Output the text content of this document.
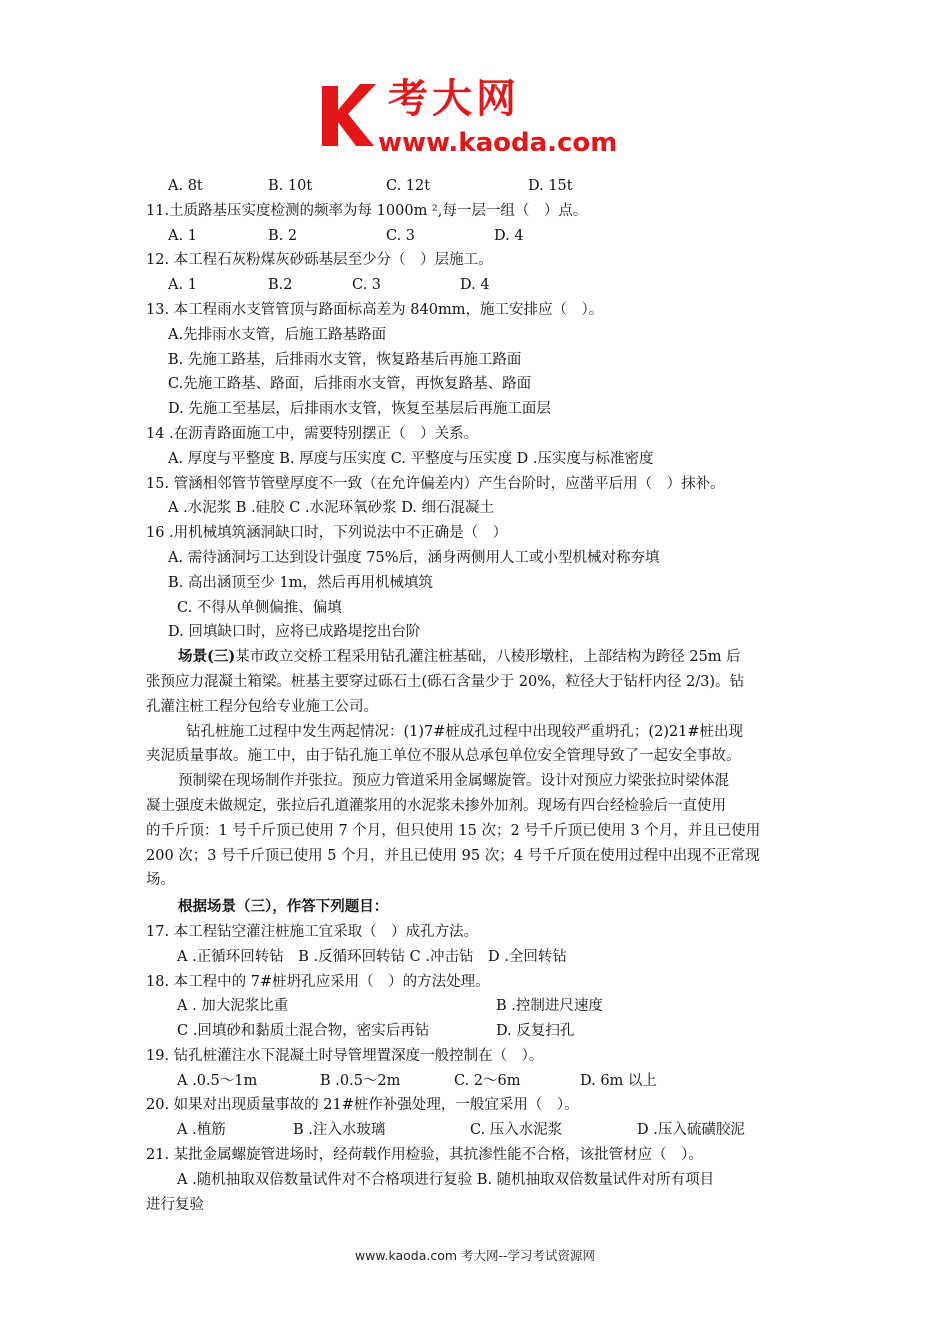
考大网
www.kaoda.com
A. 8t	B. 10t	C. 12t	D. 15t
11.土质路基压实度检测的频率为每 1000m ²,每一层一组（　）点。
A. 1	B. 2	C. 3	D. 4
12. 本工程石灰粉煤灰砂砾基层至少分（　）层施工。
A. 1	B.2	C. 3	D. 4
13. 本工程雨水支管管顶与路面标高差为 840mm，施工安排应（　）。
A.先排雨水支管，后施工路基路面
B. 先施工路基，后排雨水支管，恢复路基后再施工路面
C.先施工路基、路面，后排雨水支管，再恢复路基、路面
D. 先施工至基层，后排雨水支管，恢复至基层后再施工面层
14 .在沥青路面施工中，需要特别摆正（　）关系。
A. 厚度与平整度 B. 厚度与压实度 C. 平整度与压实度 D .压实度与标准密度
15. 管涵相邻管节管壁厚度不一致（在允许偏差内）产生台阶时，应凿平后用（　）抹补。
A .水泥浆 B .硅胶 C .水泥环氧砂浆 D. 细石混凝土
16 .用机械填筑涵洞缺口时，下列说法中不正确是（　）
A. 需待涵洞圬工达到设计强度 75%后，涵身两侧用人工或小型机械对称夯填
B. 高出涵顶至少 1m，然后再用机械填筑
C. 不得从单侧偏推、偏填
D. 回填缺口时，应将已成路堤挖出台阶
场景(三)某市政立交桥工程采用钻孔灌注桩基础，八棱形墩柱，上部结构为跨径 25m 后
张预应力混凝土箱梁。桩基主要穿过砾石土(砾石含量少于 20%，粒径大于钻杆内径 2/3)。钻
孔灌注桩工程分包给专业施工公司。
钻孔桩施工过程中发生两起情况：(1)7#桩成孔过程中出现较严重坍孔；(2)21#桩出现
夹泥质量事故。施工中，由于钻孔施工单位不服从总承包单位安全管理导致了一起安全事故。
预制梁在现场制作并张拉。预应力管道采用金属螺旋管。设计对预应力梁张拉时梁体混
凝土强度未做规定，张拉后孔道灌浆用的水泥浆未掺外加剂。现场有四台经检验后一直使用
的千斤顶：1 号千斤顶已使用 7 个月，但只使用 15 次；2 号千斤顶已使用 3 个月，并且已使用
200 次；3 号千斤顶已使用 5 个月，并且已使用 95 次；4 号千斤顶在使用过程中出现不正常现
场。
根据场景（三），作答下列题目：
17. 本工程钻空灌注桩施工宜采取（　）成孔方法。
A .正循环回转钻　B .反循环回转钻 C .冲击钻　D .全回转钻
18. 本工程中的 7#桩坍孔应采用（　）的方法处理。
A . 加大泥浆比重	B .控制进尺速度
C .回填砂和黏质土混合物，密实后再钻	D. 反复扫孔
19. 钻孔桩灌注水下混凝土时导管埋置深度一般控制在（　）。
A .0.5～1m	B .0.5～2m	C. 2～6m	D. 6m 以上
20. 如果对出现质量事故的 21#桩作补强处理，一般宜采用（　）。
A .植筋	B .注入水玻璃	C. 压入水泥浆	D .压入硫磺胶泥
21. 某批金属螺旋管进场时，经荷载作用检验，其抗渗性能不合格，该批管材应（　）。
A .随机抽取双倍数量试件对不合格项进行复验 B. 随机抽取双倍数量试件对所有项目
进行复验
www.kaoda.com 考大网--学习考试资源网
